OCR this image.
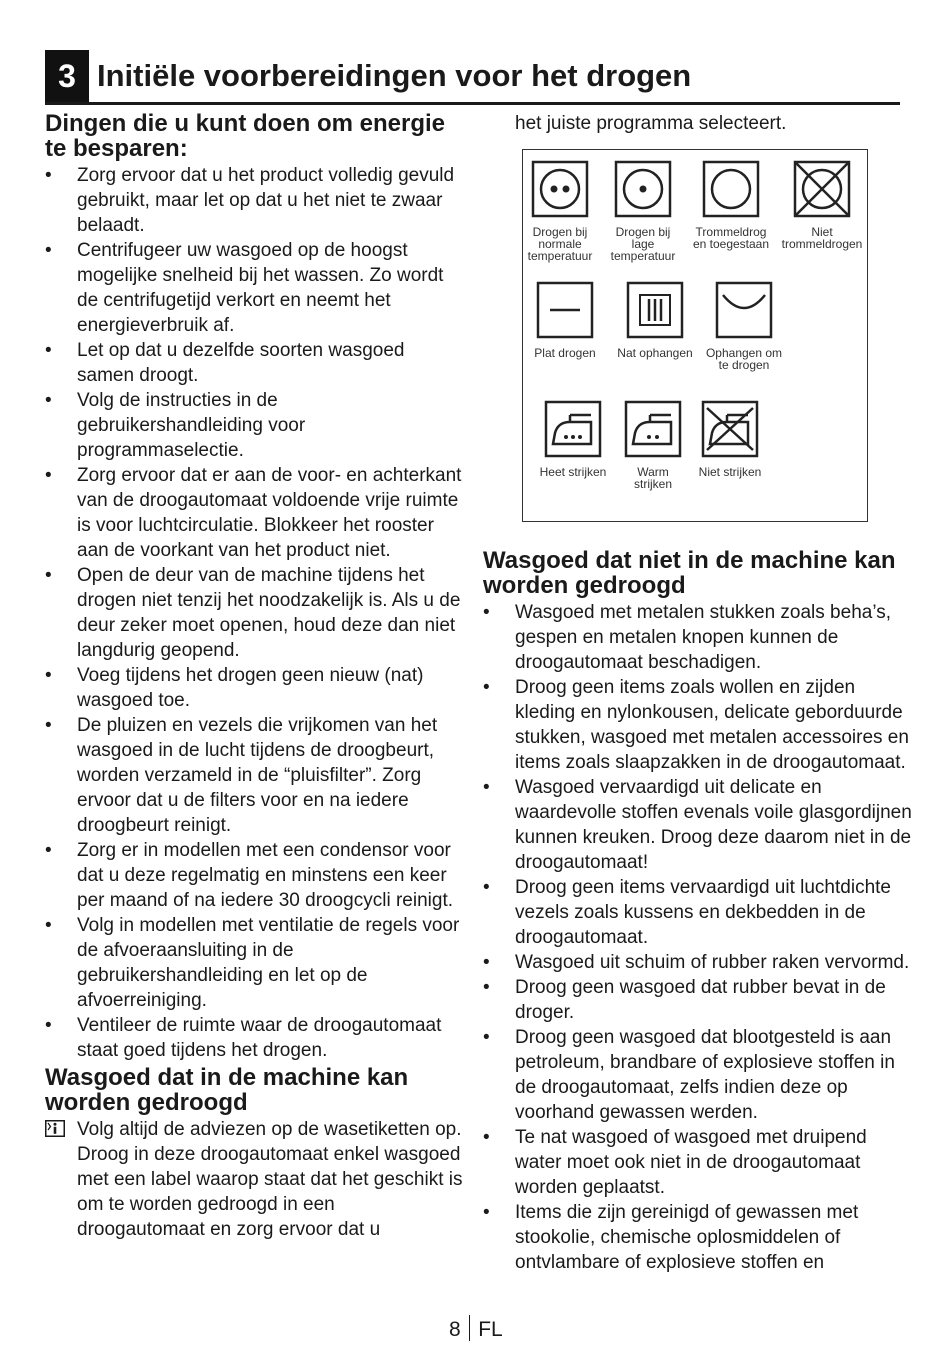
3 Initiële voorbereidingen voor het drogen
Dingen die u kunt doen om energie te besparen:
• Zorg ervoor dat u het product volledig gevuld gebruikt, maar let op dat u het niet te zwaar belaadt.
• Centrifugeer uw wasgoed op de hoogst mogelijke snelheid bij het wassen. Zo wordt de centrifugetijd verkort en neemt het energieverbruik af.
• Let op dat u dezelfde soorten wasgoed samen droogt.
• Volg de instructies in de gebruikershandleiding voor programmaselectie.
• Zorg ervoor dat er aan de voor- en achterkant van de droogautomaat voldoende vrije ruimte is voor luchtcirculatie. Blokkeer het rooster aan de voorkant van het product niet.
• Open de deur van de machine tijdens het drogen niet tenzij het noodzakelijk is. Als u de deur zeker moet openen, houd deze dan niet langdurig geopend.
• Voeg tijdens het drogen geen nieuw (nat) wasgoed toe.
• De pluizen en vezels die vrijkomen van het wasgoed in de lucht tijdens de droogbeurt, worden verzameld in de “pluisfilter”. Zorg ervoor dat u de filters voor en na iedere droogbeurt reinigt.
• Zorg er in modellen met een condensor voor dat u deze regelmatig en minstens een keer per maand of na iedere 30 droogcycli reinigt.
• Volg in modellen met ventilatie de regels voor de afvoeraansluiting in de gebruikershandleiding en let op de afvoerreiniging.
• Ventileer de ruimte waar de droogautomaat staat goed tijdens het drogen.
Wasgoed dat in de machine kan worden gedroogd
Volg altijd de adviezen op de wasetiketten op. Droog in deze droogautomaat enkel wasgoed met een label waarop staat dat het geschikt is om te worden gedroogd in een droogautomaat en zorg ervoor dat u

het juiste programma selecteert.

Drogen bij
normale
temperatuur
Drogen bij
lage
temperatuur
Trommeldrog
en toegestaan
Niet
trommeldrogen
Plat drogen	Nat ophangen	Ophangen om
te drogen
Heet strijken	Warm
strijken
Niet strijken
Wasgoed dat niet in de machine kan worden gedroogd
• Wasgoed met metalen stukken zoals beha’s, gespen en metalen knopen kunnen de droogautomaat beschadigen.
• Droog geen items zoals wollen en zijden kleding en nylonkousen, delicate geborduurde stukken, wasgoed met metalen accessoires en items zoals slaapzakken in de droogautomaat.
• Wasgoed vervaardigd uit delicate en waardevolle stoffen evenals voile glasgordijnen kunnen kreuken. Droog deze daarom niet in de droogautomaat!
• Droog geen items vervaardigd uit luchtdichte vezels zoals kussens en dekbedden in de droogautomaat.
• Wasgoed uit schuim of rubber raken vervormd.
• Droog geen wasgoed dat rubber bevat in de droger.
• Droog geen wasgoed dat blootgesteld is aan petroleum, brandbare of explosieve stoffen in de droogautomaat, zelfs indien deze op voorhand gewassen werden.
• Te nat wasgoed of wasgoed met druipend water moet ook niet in de droogautomaat worden geplaatst.
• Items die zijn gereinigd of gewassen met stookolie, chemische oplosmiddelen of ontvlambare of explosieve stoffen en
8 FL
